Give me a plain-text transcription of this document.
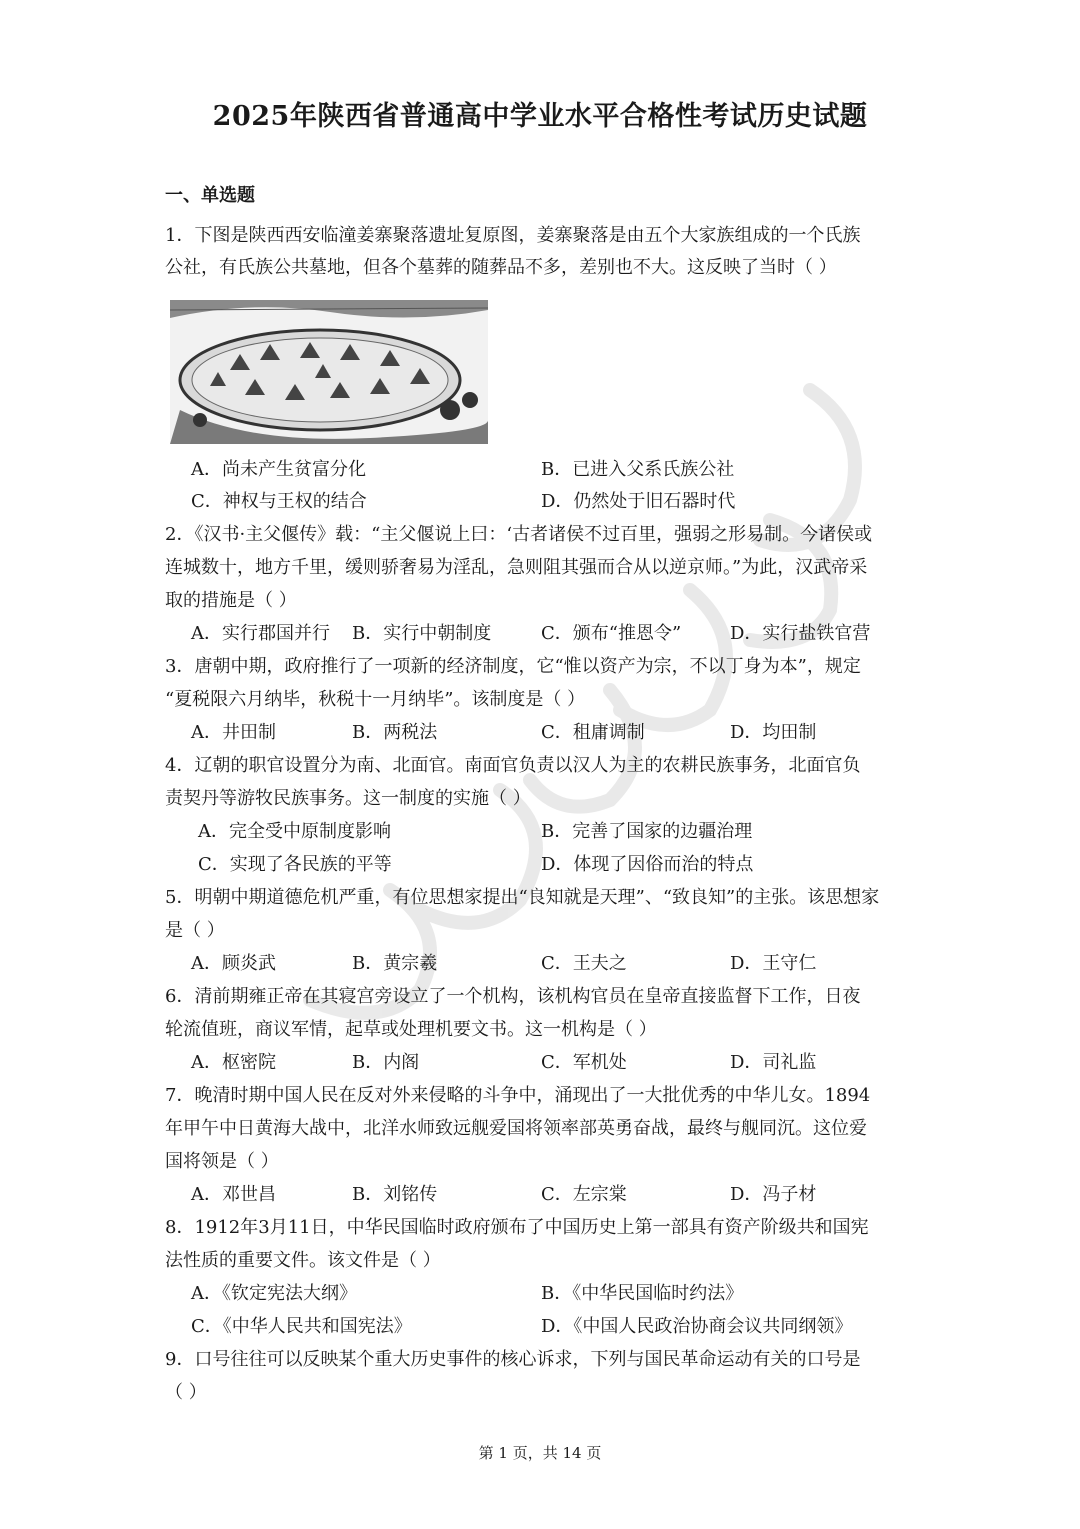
2025年陕西省普通高中学业水平合格性考试历史试题
一、单选题
1．下图是陕西西安临潼姜寨聚落遗址复原图，姜寨聚落是由五个大家族组成的一个氏族
公社，有氏族公共墓地，但各个墓葬的随葬品不多，差别也不大。这反映了当时（ ）
A．尚未产生贫富分化	B．已进入父系氏族公社
C．神权与王权的结合	D．仍然处于旧石器时代
2．《汉书·主父偃传》载：“主父偃说上曰：‘古者诸侯不过百里，强弱之形易制。今诸侯或
连城数十，地方千里，缓则骄奢易为淫乱，急则阻其强而合从以逆京师。”为此，汉武帝采
取的措施是（ ）
A．实行郡国并行 B．实行中朝制度	C．颁布“推恩令”	D．实行盐铁官营
3．唐朝中期，政府推行了一项新的经济制度，它“惟以资产为宗，不以丁身为本”，规定
“夏税限六月纳毕，秋税十一月纳毕”。该制度是（ ）
A．井田制	B．两税法	C．租庸调制	D．均田制
4．辽朝的职官设置分为南、北面官。南面官负责以汉人为主的农耕民族事务，北面官负
责契丹等游牧民族事务。这一制度的实施（ ）
A．完全受中原制度影响	B．完善了国家的边疆治理
C．实现了各民族的平等	D．体现了因俗而治的特点
5．明朝中期道德危机严重，有位思想家提出“良知就是天理”、“致良知”的主张。该思想家
是（ ）
A．顾炎武	B．黄宗羲	C．王夫之	D．王守仁
6．清前期雍正帝在其寝宫旁设立了一个机构，该机构官员在皇帝直接监督下工作，日夜
轮流值班，商议军情，起草或处理机要文书。这一机构是（ ）
A．枢密院	B．内阁	C．军机处	D．司礼监
7．晚清时期中国人民在反对外来侵略的斗争中，涌现出了一大批优秀的中华儿女。1894
年甲午中日黄海大战中，北洋水师致远舰爱国将领率部英勇奋战，最终与舰同沉。这位爱
国将领是（ ）
A．邓世昌	B．刘铭传	C．左宗棠	D．冯子材
8．1912年3月11日，中华民国临时政府颁布了中国历史上第一部具有资产阶级共和国宪
法性质的重要文件。该文件是（ ）
A．《钦定宪法大纲》	B．《中华民国临时约法》
C．《中华人民共和国宪法》	D．《中国人民政治协商会议共同纲领》
9．口号往往可以反映某个重大历史事件的核心诉求，下列与国民革命运动有关的口号是
（ ）
第 1 页，共 14 页
